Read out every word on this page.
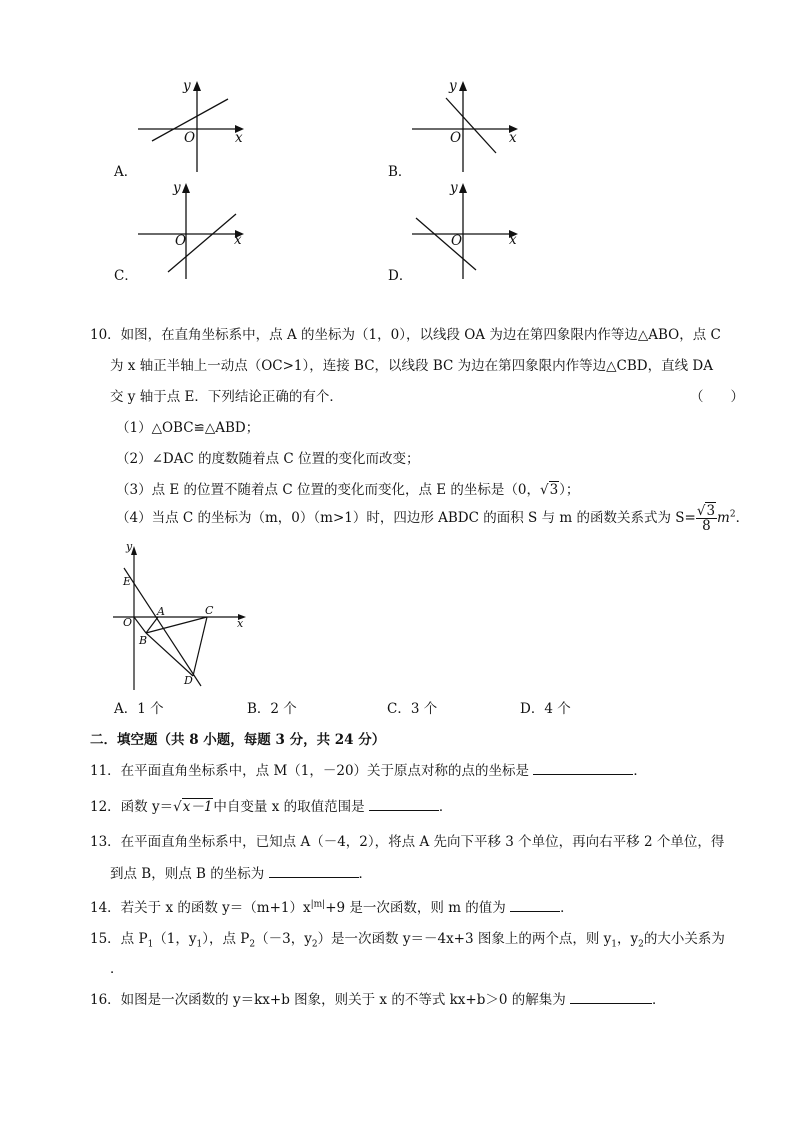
y
x
O
A．
y
x
O
B．
y
x
O
C．
y
x
O
D．
10．如图，在直角坐标系中，点 A 的坐标为（1，0），以线段 OA 为边在第四象限内作等边△ABO，点 C
为 x 轴正半轴上一动点（OC>1），连接 BC，以线段 BC 为边在第四象限内作等边△CBD，直线 DA
交 y 轴于点 E．下列结论正确的有个．	（　　）
（1）△OBC≌△ABD；
（2）∠DAC 的度数随着点 C 位置的变化而改变；
（3）点 E 的位置不随着点 C 位置的变化而变化，点 E 的坐标是（0，√3）；
（4）当点 C 的坐标为（m，0）（m>1）时，四边形 ABDC 的面积 S 与 m 的函数关系式为 $S= \frac{√3}{8} m^2$．
y
x
E
O
A
B
C
D
A．1 个	B．2 个	C．3 个	D．4 个
二．填空题（共 8 小题，每题 3 分，共 24 分）
11．在平面直角坐标系中，点 M（1，－20）关于原点对称的点的坐标是	．
12．函数 y＝√x－1中自变量 x 的取值范围是	．
13．在平面直角坐标系中，已知点 A（－4，2），将点 A 先向下平移 3 个单位，再向右平移 2 个单位，得
到点 B，则点 B 的坐标为	．
14．若关于 x 的函数 $y=(m+1)x^{|m|}+9$ 是一次函数，则 m 的值为	．
15．点 $P_1(1$，$y_1$），点 $P_2(-3$，$y_2$）是一次函数 y＝－4x+3 图象上的两个点，则 $y_1$，$y_2$的大小关系为
．
16．如图是一次函数的 y＝kx+b 图象，则关于 x 的不等式 kx+b＞0 的解集为	．
